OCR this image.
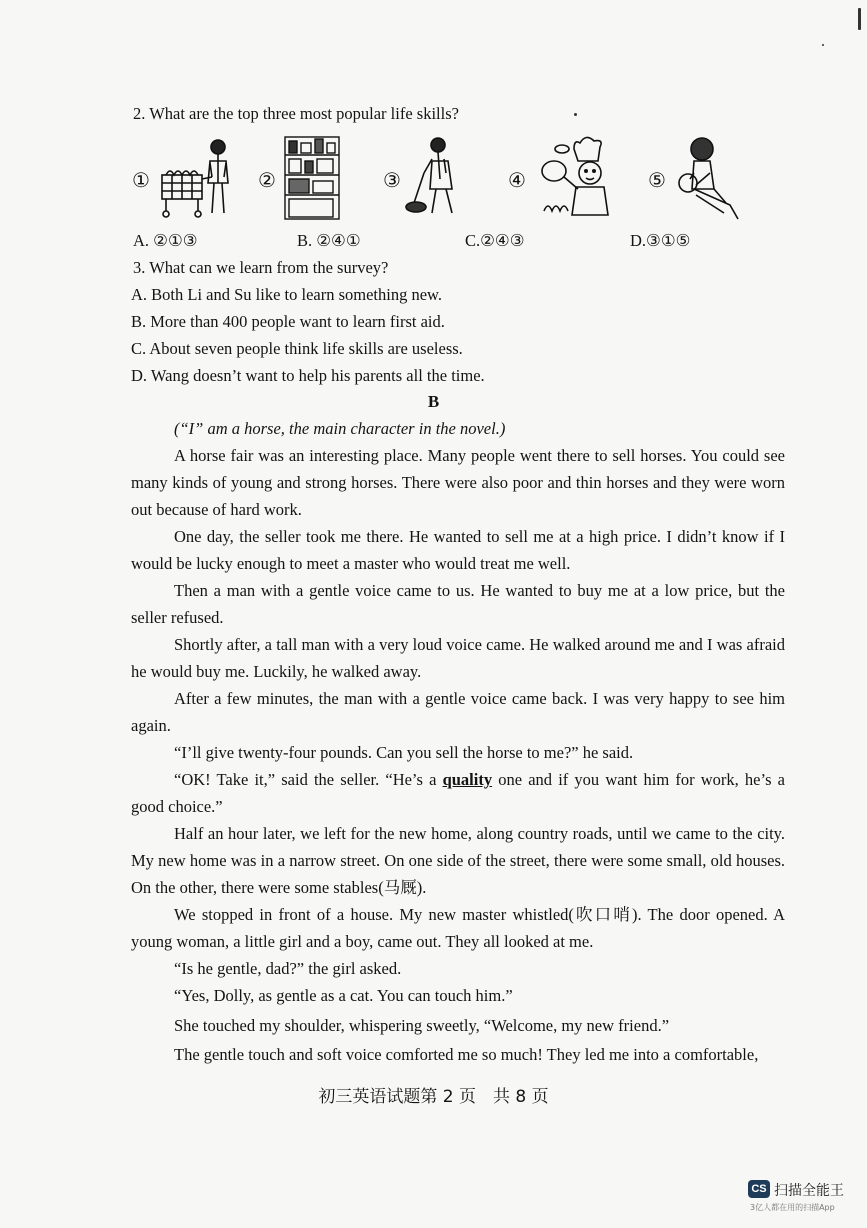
2. What are the top three most popular life skills?
①	②	③	④	⑤
A. ②①③	B. ②④①	C.②④③	D.③①⑤
3. What can we learn from the survey?
A. Both Li and Su like to learn something new.
B. More than 400 people want to learn first aid.
C. About seven people think life skills are useless.
D. Wang doesn’t want to help his parents all the time.
B
(“I” am a horse, the main character in the novel.)
A horse fair was an interesting place. Many people went there to sell horses. You could see many kinds of young and strong horses. There were also poor and thin horses and they were worn out because of hard work.
One day, the seller took me there. He wanted to sell me at a high price. I didn’t know if I would be lucky enough to meet a master who would treat me well.
Then a man with a gentle voice came to us. He wanted to buy me at a low price, but the seller refused.
Shortly after, a tall man with a very loud voice came. He walked around me and I was afraid he would buy me. Luckily, he walked away.
After a few minutes, the man with a gentle voice came back. I was very happy to see him again.
“I’ll give twenty-four pounds. Can you sell the horse to me?” he said.
“OK! Take it,” said the seller. “He’s a quality one and if you want him for work, he’s a good choice.”
Half an hour later, we left for the new home, along country roads, until we came to the city. My new home was in a narrow street. On one side of the street, there were some small, old houses. On the other, there were some stables(马厩).
We stopped in front of a house. My new master whistled(吹口哨). The door opened. A young woman, a little girl and a boy, came out. They all looked at me.
“Is he gentle, dad?” the girl asked.
“Yes, Dolly, as gentle as a cat. You can touch him.”
She touched my shoulder, whispering sweetly, “Welcome, my new friend.”
The gentle touch and soft voice comforted me so much! They led me into a comfortable,
初三英语试题第 2 页　共 8 页
CS 扫描全能王
3亿人都在用的扫描App
